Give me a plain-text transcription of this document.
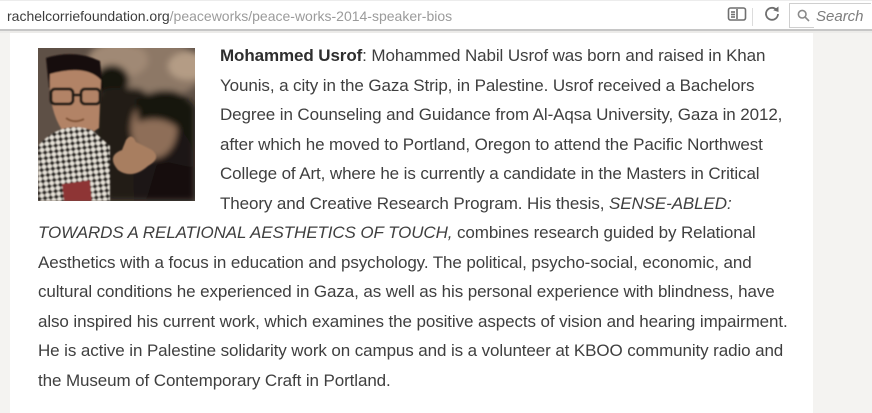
rachelcorriefoundation.org /peaceworks/peace-works-2014-speaker-bios
Search

Mohammed Usrof: Mohammed Nabil Usrof was born and raised in Khan Younis, a city in the Gaza Strip, in Palestine. Usrof received a Bachelors Degree in Counseling and Guidance from Al-Aqsa University, Gaza in 2012, after which he moved to Portland, Oregon to attend the Pacific Northwest College of Art, where he is currently a candidate in the Masters in Critical Theory and Creative Research Program. His thesis, SENSE-ABLED: TOWARDS A RELATIONAL AESTHETICS OF TOUCH, combines research guided by Relational Aesthetics with a focus in education and psychology. The political, psycho-social, economic, and cultural conditions he experienced in Gaza, as well as his personal experience with blindness, have also inspired his current work, which examines the positive aspects of vision and hearing impairment. He is active in Palestine solidarity work on campus and is a volunteer at KBOO community radio and the Museum of Contemporary Craft in Portland.
